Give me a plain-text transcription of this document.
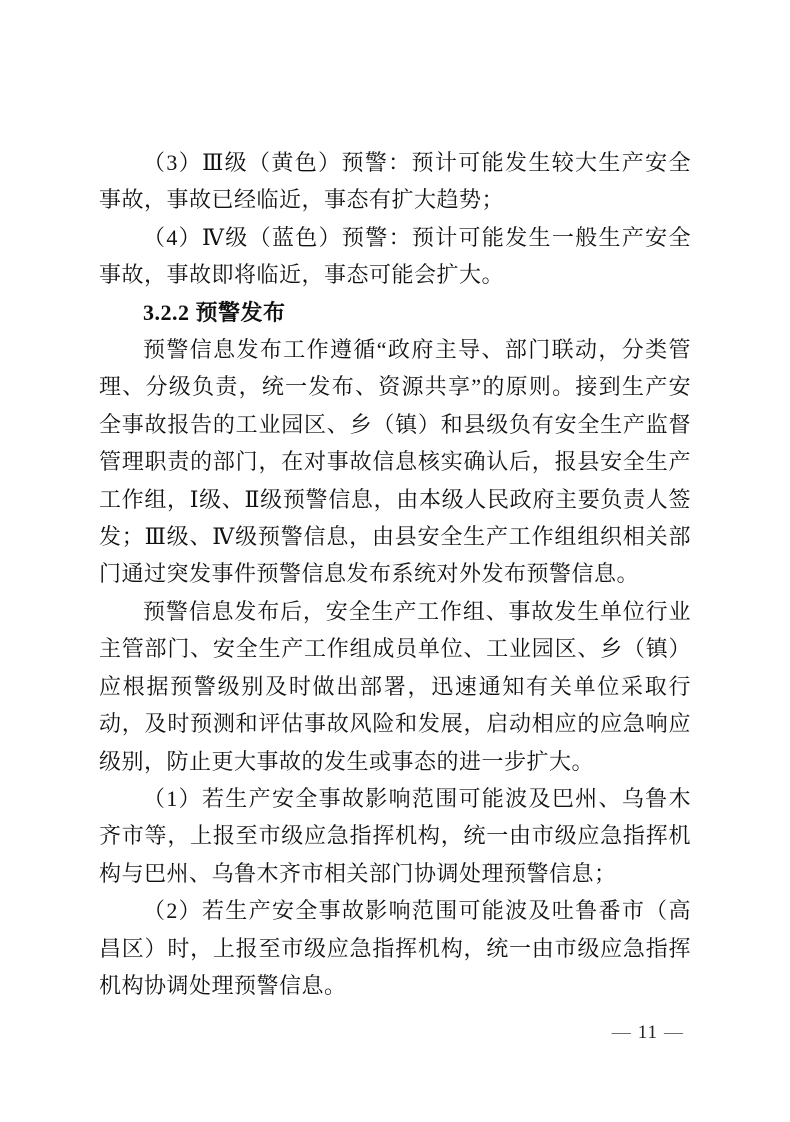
（3）Ⅲ级（黄色）预警：预计可能发生较大生产安全事故，事故已经临近，事态有扩大趋势；

（4）Ⅳ级（蓝色）预警：预计可能发生一般生产安全事故，事故即将临近，事态可能会扩大。

3.2.2 预警发布

预警信息发布工作遵循“政府主导、部门联动，分类管理、分级负责，统一发布、资源共享”的原则。接到生产安全事故报告的工业园区、乡（镇）和县级负有安全生产监督管理职责的部门，在对事故信息核实确认后，报县安全生产工作组，Ⅰ级、Ⅱ级预警信息，由本级人民政府主要负责人签发；Ⅲ级、Ⅳ级预警信息，由县安全生产工作组组织相关部门通过突发事件预警信息发布系统对外发布预警信息。

预警信息发布后，安全生产工作组、事故发生单位行业主管部门、安全生产工作组成员单位、工业园区、乡（镇）应根据预警级别及时做出部署，迅速通知有关单位采取行动，及时预测和评估事故风险和发展，启动相应的应急响应级别，防止更大事故的发生或事态的进一步扩大。

（1）若生产安全事故影响范围可能波及巴州、乌鲁木齐市等，上报至市级应急指挥机构，统一由市级应急指挥机构与巴州、乌鲁木齐市相关部门协调处理预警信息；

（2）若生产安全事故影响范围可能波及吐鲁番市（高昌区）时，上报至市级应急指挥机构，统一由市级应急指挥机构协调处理预警信息。

— 11 —
